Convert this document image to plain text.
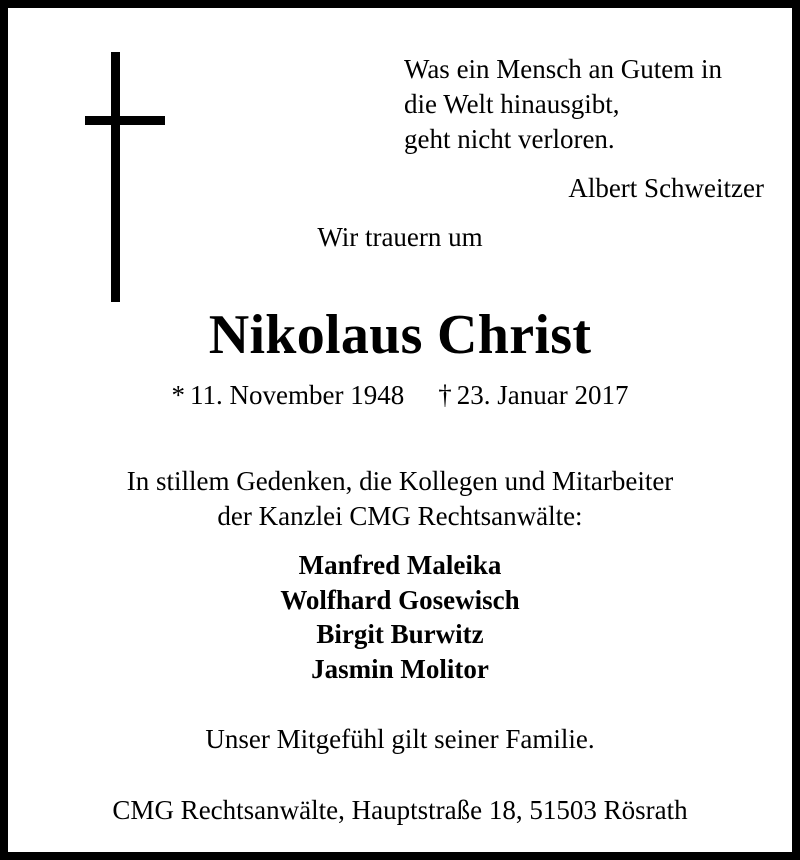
Was ein Mensch an Gutem in
die Welt hinausgibt,
geht nicht verloren.
Albert Schweitzer
Wir trauern um
Nikolaus Christ
* 11. November 1948 † 23. Januar 2017
In stillem Gedenken, die Kollegen und Mitarbeiter
der Kanzlei CMG Rechtsanwälte:
Manfred Maleika
Wolfhard Gosewisch
Birgit Burwitz
Jasmin Molitor
Unser Mitgefühl gilt seiner Familie.
CMG Rechtsanwälte, Hauptstraße 18, 51503 Rösrath
